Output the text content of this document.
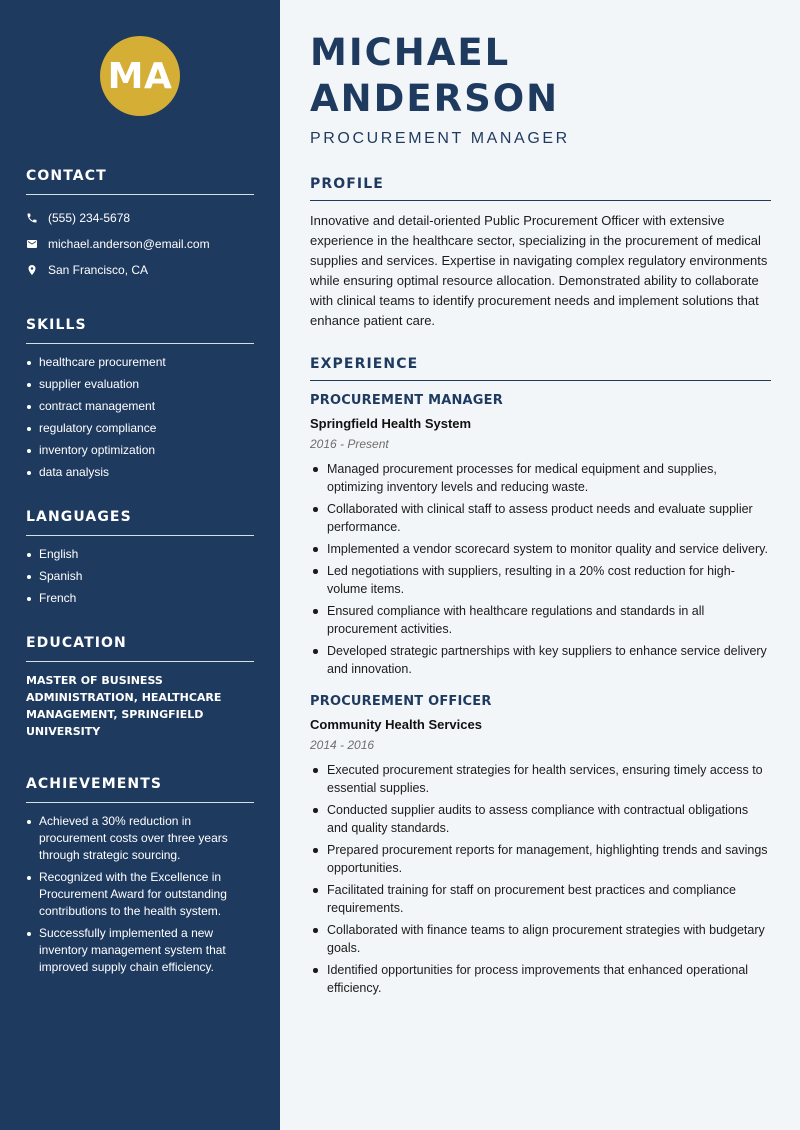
MA
CONTACT
(555) 234-5678
michael.anderson@email.com
San Francisco, CA
SKILLS
healthcare procurement
supplier evaluation
contract management
regulatory compliance
inventory optimization
data analysis
LANGUAGES
English
Spanish
French
EDUCATION

MASTER OF BUSINESS ADMINISTRATION, HEALTHCARE MANAGEMENT, SPRINGFIELD UNIVERSITY

ACHIEVEMENTS
Achieved a 30% reduction in procurement costs over three years through strategic sourcing.
Recognized with the Excellence in Procurement Award for outstanding contributions to the health system.
Successfully implemented a new inventory management system that improved supply chain efficiency.
MICHAEL ANDERSON
PROCUREMENT MANAGER
PROFILE

Innovative and detail-oriented Public Procurement Officer with extensive experience in the healthcare sector, specializing in the procurement of medical supplies and services. Expertise in navigating complex regulatory environments while ensuring optimal resource allocation. Demonstrated ability to collaborate with clinical teams to identify procurement needs and implement solutions that enhance patient care.

EXPERIENCE
PROCUREMENT MANAGER
Springfield Health System
2016 - Present
Managed procurement processes for medical equipment and supplies, optimizing inventory levels and reducing waste.
Collaborated with clinical staff to assess product needs and evaluate supplier performance.
Implemented a vendor scorecard system to monitor quality and service delivery.
Led negotiations with suppliers, resulting in a 20% cost reduction for high-volume items.
Ensured compliance with healthcare regulations and standards in all procurement activities.
Developed strategic partnerships with key suppliers to enhance service delivery and innovation.
PROCUREMENT OFFICER
Community Health Services
2014 - 2016
Executed procurement strategies for health services, ensuring timely access to essential supplies.
Conducted supplier audits to assess compliance with contractual obligations and quality standards.
Prepared procurement reports for management, highlighting trends and savings opportunities.
Facilitated training for staff on procurement best practices and compliance requirements.
Collaborated with finance teams to align procurement strategies with budgetary goals.
Identified opportunities for process improvements that enhanced operational efficiency.
